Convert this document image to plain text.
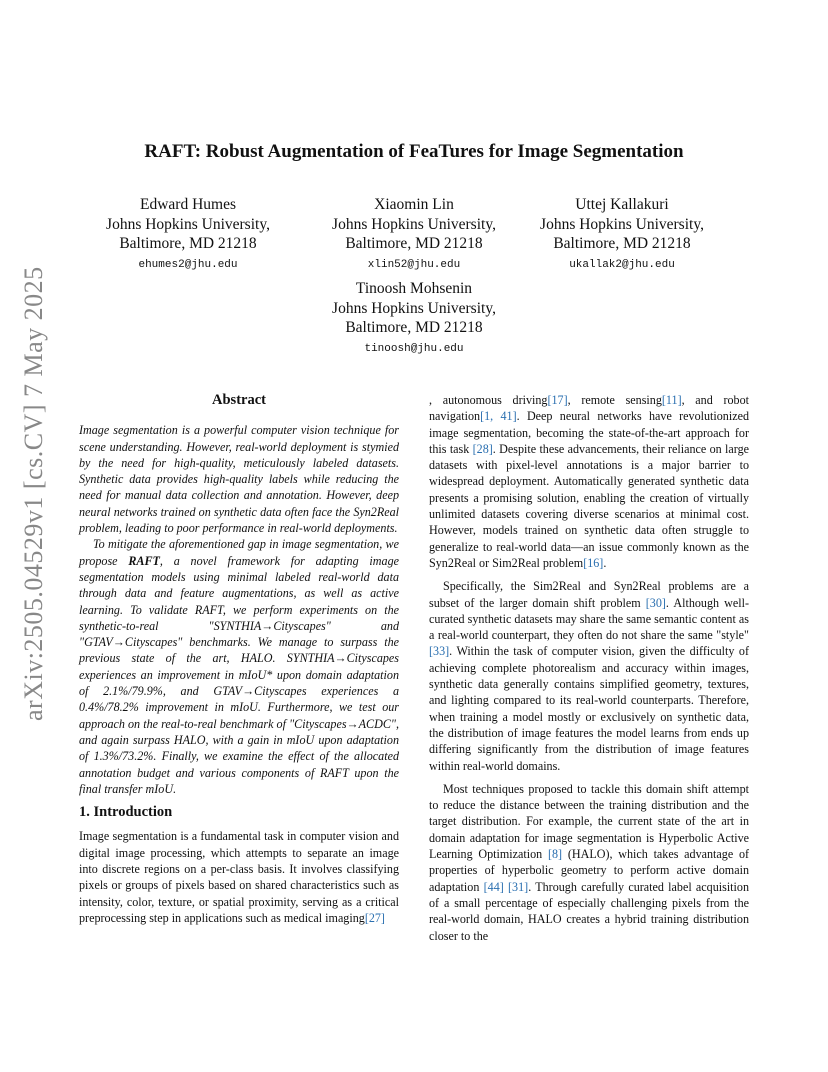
arXiv:2505.04529v1 [cs.CV] 7 May 2025
RAFT: Robust Augmentation of FeaTures for Image Segmentation
Edward Humes
Johns Hopkins University,
Baltimore, MD 21218
ehumes2@jhu.edu
Xiaomin Lin
Johns Hopkins University,
Baltimore, MD 21218
xlin52@jhu.edu
Uttej Kallakuri
Johns Hopkins University,
Baltimore, MD 21218
ukallak2@jhu.edu
Tinoosh Mohsenin
Johns Hopkins University,
Baltimore, MD 21218
tinoosh@jhu.edu

Abstract

Image segmentation is a powerful computer vision technique for scene understanding. However, real-world deployment is stymied by the need for high-quality, meticulously labeled datasets. Synthetic data provides high-quality labels while reducing the need for manual data collection and annotation. However, deep neural networks trained on synthetic data often face the Syn2Real problem, leading to poor performance in real-world deployments.

To mitigate the aforementioned gap in image segmentation, we propose RAFT, a novel framework for adapting image segmentation models using minimal labeled real-world data through data and feature augmentations, as well as active learning. To validate RAFT, we perform experiments on the synthetic-to-real "SYNTHIA→Cityscapes" and "GTAV→Cityscapes" benchmarks. We manage to surpass the previous state of the art, HALO. SYNTHIA→Cityscapes experiences an improvement in mIoU* upon domain adaptation of 2.1%/79.9%, and GTAV→Cityscapes experiences a 0.4%/78.2% improvement in mIoU. Furthermore, we test our approach on the real-to-real benchmark of "Cityscapes→ACDC", and again surpass HALO, with a gain in mIoU upon adaptation of 1.3%/73.2%. Finally, we examine the effect of the allocated annotation budget and various components of RAFT upon the final transfer mIoU.

1. Introduction

Image segmentation is a fundamental task in computer vision and digital image processing, which attempts to separate an image into discrete regions on a per-class basis. It involves classifying pixels or groups of pixels based on shared characteristics such as intensity, color, texture, or spatial proximity, serving as a critical preprocessing step in applications such as medical imaging[27]

, autonomous driving[17], remote sensing[11], and robot navigation[1, 41]. Deep neural networks have revolutionized image segmentation, becoming the state-of-the-art approach for this task [28]. Despite these advancements, their reliance on large datasets with pixel-level annotations is a major barrier to widespread deployment. Automatically generated synthetic data presents a promising solution, enabling the creation of virtually unlimited datasets covering diverse scenarios at minimal cost. However, models trained on synthetic data often struggle to generalize to real-world data—an issue commonly known as the Syn2Real or Sim2Real problem[16].

Specifically, the Sim2Real and Syn2Real problems are a subset of the larger domain shift problem [30]. Although well-curated synthetic datasets may share the same semantic content as a real-world counterpart, they often do not share the same "style" [33]. Within the task of computer vision, given the difficulty of achieving complete photorealism and accuracy within images, synthetic data generally contains simplified geometry, textures, and lighting compared to its real-world counterparts. Therefore, when training a model mostly or exclusively on synthetic data, the distribution of image features the model learns from ends up differing significantly from the distribution of image features within real-world domains.

Most techniques proposed to tackle this domain shift attempt to reduce the distance between the training distribution and the target distribution. For example, the current state of the art in domain adaptation for image segmentation is Hyperbolic Active Learning Optimization [8] (HALO), which takes advantage of properties of hyperbolic geometry to perform active domain adaptation [44] [31]. Through carefully curated label acquisition of a small percentage of especially challenging pixels from the real-world domain, HALO creates a hybrid training distribution closer to the
